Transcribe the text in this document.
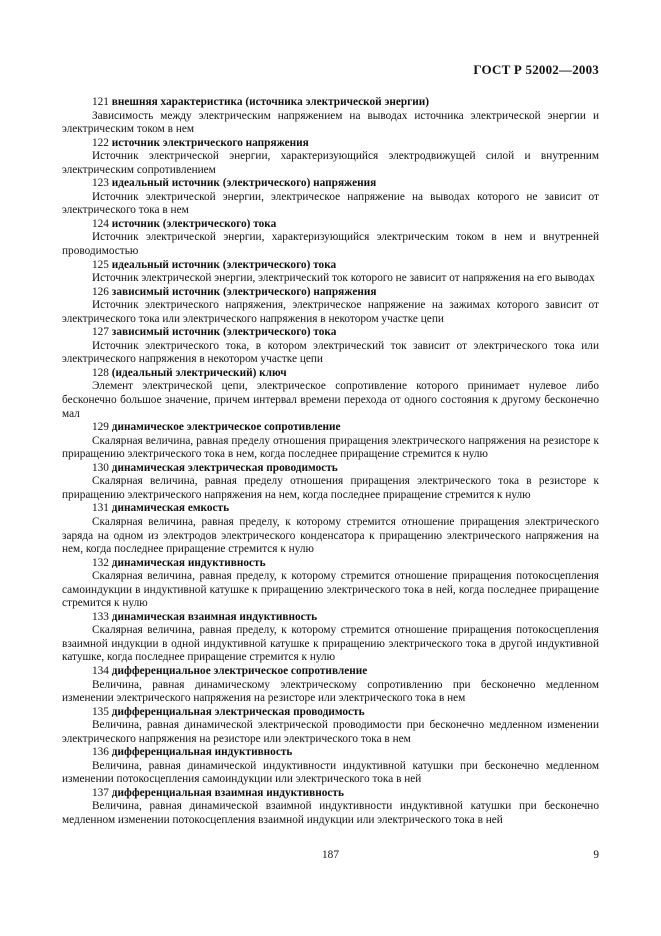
ГОСТ Р 52002—2003
121 внешняя характеристика (источника электрической энергии)
Зависимость между электрическим напряжением на выводах источника электрической энергии и электрическим током в нем
122 источник электрического напряжения
Источник электрической энергии, характеризующийся электродвижущей силой и внутренним электрическим сопротивлением
123 идеальный источник (электрического) напряжения
Источник электрической энергии, электрическое напряжение на выводах которого не зависит от электрического тока в нем
124 источник (электрического) тока
Источник электрической энергии, характеризующийся электрическим током в нем и внутренней проводимостью
125 идеальный источник (электрического) тока
Источник электрической энергии, электрический ток которого не зависит от напряжения на его выводах
126 зависимый источник (электрического) напряжения
Источник электрического напряжения, электрическое напряжение на зажимах которого зависит от электрического тока или электрического напряжения в некотором участке цепи
127 зависимый источник (электрического) тока
Источник электрического тока, в котором электрический ток зависит от электрического тока или электрического напряжения в некотором участке цепи
128 (идеальный электрический) ключ
Элемент электрической цепи, электрическое сопротивление которого принимает нулевое либо бесконечно большое значение, причем интервал времени перехода от одного состояния к другому бесконечно мал
129 динамическое электрическое сопротивление
Скалярная величина, равная пределу отношения приращения электрического напряжения на резисторе к приращению электрического тока в нем, когда последнее приращение стремится к нулю
130 динамическая электрическая проводимость
Скалярная величина, равная пределу отношения приращения электрического тока в резисторе к приращению электрического напряжения на нем, когда последнее приращение стремится к нулю
131 динамическая емкость
Скалярная величина, равная пределу, к которому стремится отношение приращения электрического заряда на одном из электродов электрического конденсатора к приращению электрического напряжения на нем, когда последнее приращение стремится к нулю
132 динамическая индуктивность
Скалярная величина, равная пределу, к которому стремится отношение приращения потокосцепления самоиндукции в индуктивной катушке к приращению электрического тока в ней, когда последнее приращение стремится к нулю
133 динамическая взаимная индуктивность
Скалярная величина, равная пределу, к которому стремится отношение приращения потокосцепления взаимной индукции в одной индуктивной катушке к приращению электрического тока в другой индуктивной катушке, когда последнее приращение стремится к нулю
134 дифференциальное электрическое сопротивление
Величина, равная динамическому электрическому сопротивлению при бесконечно медленном изменении электрического напряжения на резисторе или электрического тока в нем
135 дифференциальная электрическая проводимость
Величина, равная динамической электрической проводимости при бесконечно медленном изменении электрического напряжения на резисторе или электрического тока в нем
136 дифференциальная индуктивность
Величина, равная динамической индуктивности индуктивной катушки при бесконечно медленном изменении потокосцепления самоиндукции или электрического тока в ней
137 дифференциальная взаимная индуктивность
Величина, равная динамической взаимной индуктивности индуктивной катушки при бесконечно медленном изменении потокосцепления взаимной индукции или электрического тока в ней
187	9
